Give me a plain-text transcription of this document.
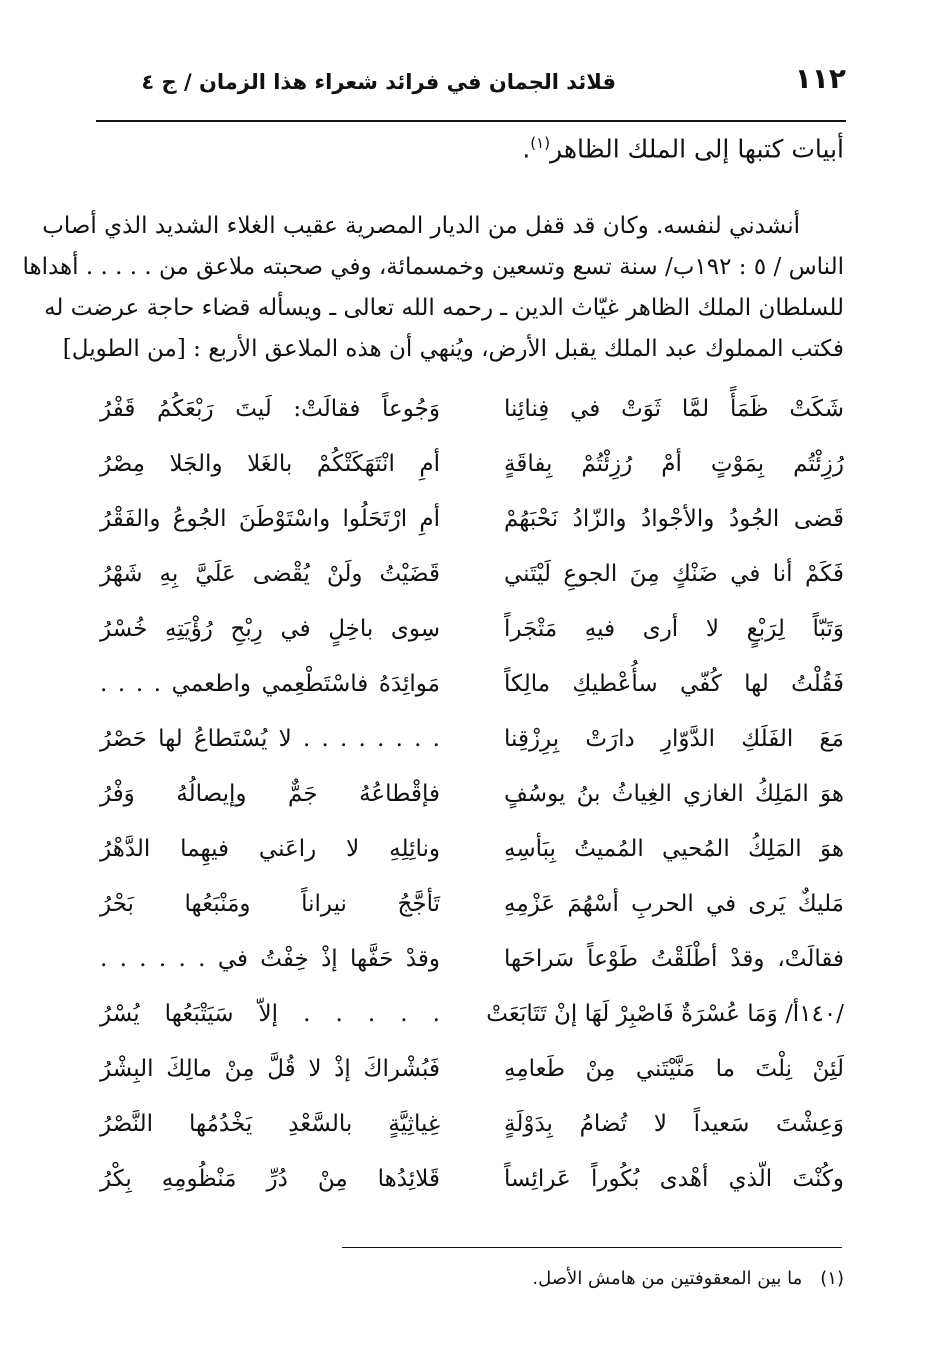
١١٢
قلائد الجمان في فرائد شعراء هذا الزمان / ج ٤
أبيات كتبها إلى الملك الظاهر$^{(١)}$.
أنشدني لنفسه. وكان قد قفل من الديار المصرية عقيب الغلاء الشديد الذي أصاب
الناس / ٥ : ١٩٢ب/ سنة تسع وتسعين وخمسمائة، وفي صحبته ملاعق من . . . . . أهداها
للسلطان الملك الظاهر غيّاث الدين ـ رحمه الله تعالى ـ ويسأله قضاء حاجة عرضت له
فكتب المملوك عبد الملك يقبل الأرض، ويُنهي أن هذه الملاعق الأربع : [من الطويل]
شَكَتْ ظَمَأً لمَّا ثَوَتْ في فِنائِنا
وَجُوعاً فقالَتْ: لَيتَ رَبْعَكُمُ قَفْرُ
رُزِئْتُم بِمَوْتٍ أمْ رُزِئْتُمْ بِفاقَةٍ
أمِ انْتَهَكَتْكُمْ بالغَلا والجَلا مِصْرُ
قَضى الجُودُ والأجْوادُ والزّادُ نَحْبَهُمْ
أمِ ارْتَحَلُوا واسْتَوْطَنَ الجُوعُ والفَقْرُ
فَكَمْ أنا في ضَنْكٍ مِنَ الجوعِ لَيْتَني
قَضَيْتُ ولَنْ يُقْضى عَلَيَّ بِهِ شَهْرُ
وَتَبّاً لِرَبْعٍ لا أرى فيهِ مَتْجَراً
سِوى باخِلٍ في رِبْحِ رُؤْيَتِهِ خُسْرُ
فَقُلْتُ لها كُفّي سأُعْطيكِ مالِكاً
مَوائِدَهُ فاسْتَطْعِمي واطعمي . . . .
مَعَ الفَلَكِ الدَّوّارِ دارَتْ بِرِزْقِنا
. . . . . . . . لا يُسْتَطاعُ لها حَصْرُ
هوَ المَلِكُ الغازي الغِياثُ بنُ يوسُفٍ
فإقْطاعُهُ جَمٌّ وإيصالُهُ وَفْرُ
هوَ المَلِكُ المُحيي المُميتُ بِبَأسِهِ
ونائِلِهِ لا راعَني فيهِما الدَّهْرُ
مَليكٌ يَرى في الحربِ أسْهُمَ عَزْمِهِ
تَأجَّجُ نيراناً ومَنْبَعُها بَحْرُ
فقالَتْ، وقدْ أطْلَقْتُ طَوْعاً سَراحَها
وقدْ حَفَّها إذْ خِفْتُ في . . . . . .
/١٤٠أ/ وَمَا عُسْرَةٌ فَاصْبِرْ لَهَا إنْ تَتَابَعَتْ
. . . . . إلاّ سَيَتْبَعُها يُسْرُ
لَئِنْ نِلْتَ ما مَنَّيْتَني مِنْ طَعامِهِ
فَبُشْراكَ إذْ لا قُلَّ مِنْ مالِكَ البِشْرُ
وَعِشْتَ سَعيداً لا تُضامُ بِدَوْلَةٍ
غِياثِيَّةٍ بالسَّعْدِ يَخْدُمُها النَّصْرُ
وكُنْتَ الّذي أهْدى بُكُوراً عَرائِساً
قَلائِدُها مِنْ دُرِّ مَنْظُومِهِ بِكْرُ
(١)ما بين المعقوفتين من هامش الأصل.
